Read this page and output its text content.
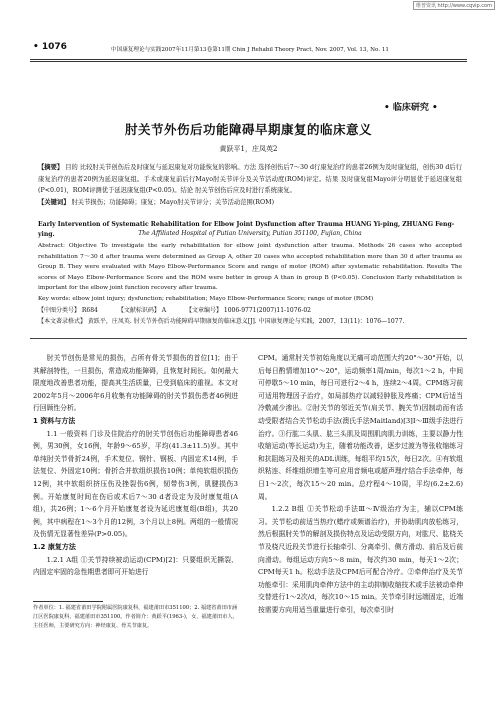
维普资讯 http://www.cqvip.com
• 1076	中国康复理论与实践2007年11月第13卷第11期 Chin J Rehabil Theory Pract, Nov. 2007, Vol. 13, No. 11
• 临床研究 •
肘关节外伤后功能障碍早期康复的临床意义
黄跃平1，庄凤英2
【摘要】 目的 比较肘关节创伤后及时康复与延迟康复对功能恢复的影响。方法 选择创伤后7～30 d行康复治疗的患者26例为及时康复组，创伤30 d后行康复治疗的患者20例为延迟康复组。手术或康复前后行Mayo肘关节评分及关节活动度(ROM)评定。结果 及时康复组Mayo评分明显优于延迟康复组(P<0.01)，ROM评测优于延迟康复组(P<0.05)。结论 肘关节创伤后应及时进行系统康复。
【关键词】 肘关节损伤；功能障碍；康复；Mayo肘关节评分；关节活动范围(ROM)
Early Intervention of Systematic Rehabilitation for Elbow Joint Dysfunction after Trauma HUANG Yi-ping, ZHUANG Feng-ying.	The Affiliated Hospital of Putian University, Putian 351100, Fujian, China
Abstract: Objective To investigate the early rehabilitation for elbow joint dysfunction after trauma. Methods 26 cases who accepted rehabilitation 7～30 d after trauma were determined as Group A, other 20 cases who accepted rehabilitation more than 30 d after trauma as Group B. They were evaluated with Mayo Elbow-Performance Score and range of motor (ROM) after systematic rehabilitation. Results The scores of Mayo Elbow-Performance Score and the ROM were better in group A than in group B (P<0.05). Conclusion Early rehabilitation is important for the elbow joint function recovery after trauma.
Key words: elbow joint injury; dysfunction; rehabilitation; Mayo Elbow-Performance Score; range of motor (ROM)
【中图分类号】 R684	【文献标识码】 A	【文章编号】 1006-9771(2007)11-1076-02
【本文著录格式】 黄跃平，庄凤英. 肘关节外伤后功能障碍早期康复的临床意义[J]. 中国康复理论与实践，2007，13(11)：1076—1077.

肘关节创伤是常见的损伤，占所有骨关节损伤的首位[1]；由于其解剖特性，一旦损伤，常造成功能障碍，且恢复时间长。如何最大限度地改善患者功能，提高其生活质量，已受到临床的重视。本文对2002年5月～2006年6月收集有功能障碍的肘关节损伤患者46例进行回顾性分析。

1 资料与方法

1.1 一般资料 门诊及住院治疗的肘关节创伤后功能障碍患者46例，男30例，女16例，年龄9～65岁，平均(41.3±11.5)岁。其中单纯肘关节骨折24例，手术复位、钢针、钢板、内固定术14例，手法复位、外固定10例；骨折合并软组织损伤10例；单纯软组织损伤12例，其中软组织挤压伤及挫裂伤6例，韧带伤3例，肌腱损伤3例。开始康复时间在伤后或术后7～30 d者设定为及时康复组(A组)，共26例；1～6个月开始康复者设为延迟康复组(B组)，共20例，其中病程在1～3个月的12例，3个月以上8例。两组的一般情况及伤情无显著性差异(P>0.05)。

1.2 康复方法

1.2.1 A组 ①关节持续被动运动(CPM)[2]：只要组织无撕裂、内固定牢固的急性期患者即可开始进行

作者单位：1. 福建省莆田学院附属医院康复科，福建莆田市351100；2. 福建省莆田市涵江区医院康复科，福建莆田市351100。作者简介：黄跃平(1963-)，女，福建莆田市人，主任医师，主要研究方向：神经康复、骨关节康复。

CPM。通常肘关节初始角度以无痛可动范围大约20°～30°开始，以后每日酌情增加10°～20°，运动频率1周/min，每次1～2 h，中间可停歇5～10 min，每日可进行2～4 h，连续2～4周。CPM练习前可适用物理因子治疗，如局部热疗以减轻肿胀及疼痛；CPM后适当冷敷减少渗出。②肘关节的邻近关节(肩关节、腕关节)因制动而有活动受限者结合关节松动手法(澳氏手法Maitland)[3]Ⅰ～Ⅲ级手法进行治疗。③行肱二头肌、肱三头肌及周围肌肉肌力训练，主要以静力性收缩运动(等长运动)为主，随着功能改善，逐步过渡为等张收缩练习和抗阻练习及相关的ADL训练，每组平均15次，每日2次。④有软组织粘连、纤维组织增生等可应用音频电或超声理疗结合手法牵伸，每日1～2次，每次15～20 min。总疗程4～10周，平均(6.2±2.6)周。

1.2.2 B组 ①关节松动手法Ⅲ～Ⅳ级治疗为主，辅以CPM练习。关节松动前适当热疗(蜡疗或频谱治疗)，并协助肌肉放松练习，然后根据肘关节的解剖及损伤特点及运动受限方向，对肱尺、肱桡关节及桡尺近段关节进行长轴牵引、分离牵引、侧方滑动、前后及后前向滑动。每组运动方向5～8 min，每次约30 min，每天1～2次；CPM每天1 h。松动手法及CPM后可配合冷疗。②牵伸治疗及关节功能牵引：采用肌肉牵伸方法中的主动抑制收缩技术或手法被动牵伸交替进行1～2次/d，每次10～15 min。关节牵引时远端固定，近端按需要方向用适当重量进行牵引，每次牵引时
